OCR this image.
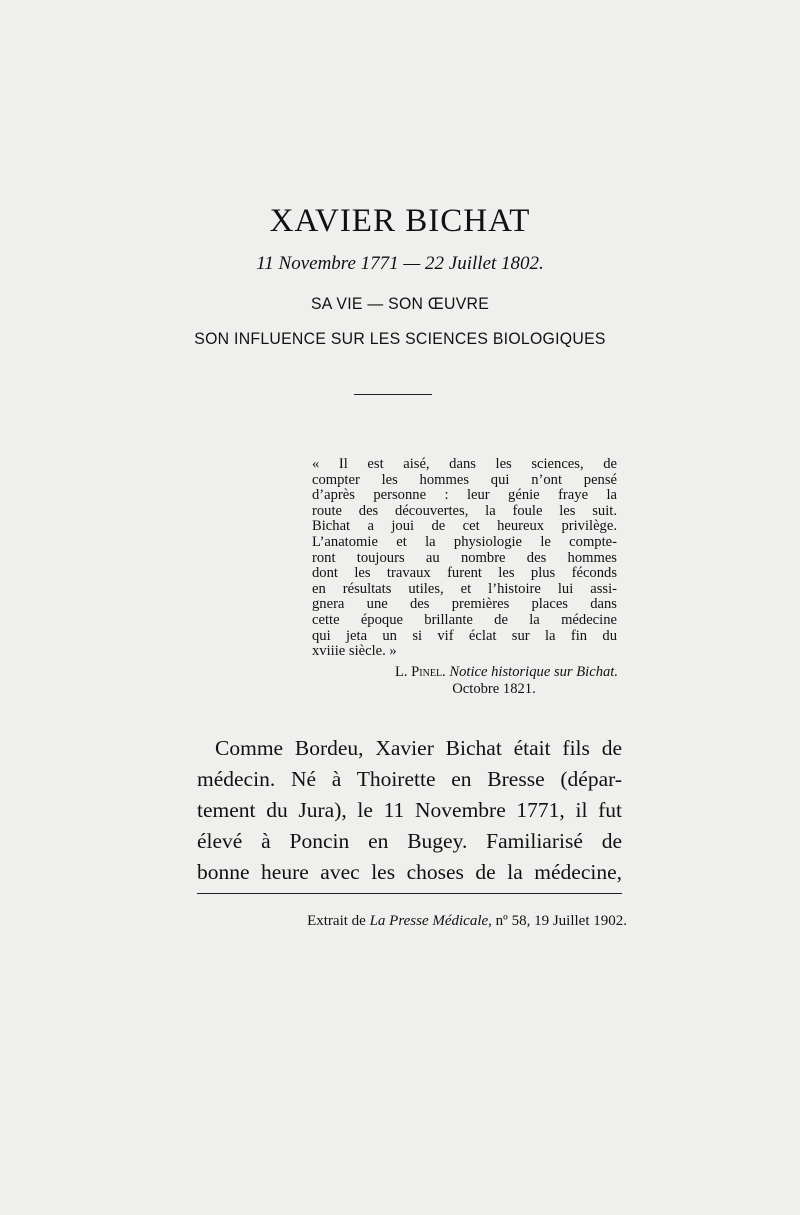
XAVIER BICHAT
11 Novembre 1771 — 22 Juillet 1802.
SA VIE — SON ŒUVRE
SON INFLUENCE SUR LES SCIENCES BIOLOGIQUES
« Il est aisé, dans les sciences, de
compter les hommes qui n’ont pensé
d’après personne : leur génie fraye la
route des découvertes, la foule les suit.
Bichat a joui de cet heureux privilège.
L’anatomie et la physiologie le compte-
ront toujours au nombre des hommes
dont les travaux furent les plus féconds
en résultats utiles, et l’histoire lui assi-
gnera une des premières places dans
cette époque brillante de la médecine
qui jeta un si vif éclat sur la fin du
xviiie siècle. »
L. Pinel. Notice historique sur Bichat.
Octobre 1821.
Comme Bordeu, Xavier Bichat était fils de
médecin. Né à Thoirette en Bresse (dépar-
tement du Jura), le 11 Novembre 1771, il fut
élevé à Poncin en Bugey. Familiarisé de
bonne heure avec les choses de la médecine,
Extrait de La Presse Médicale, nº 58, 19 Juillet 1902.
